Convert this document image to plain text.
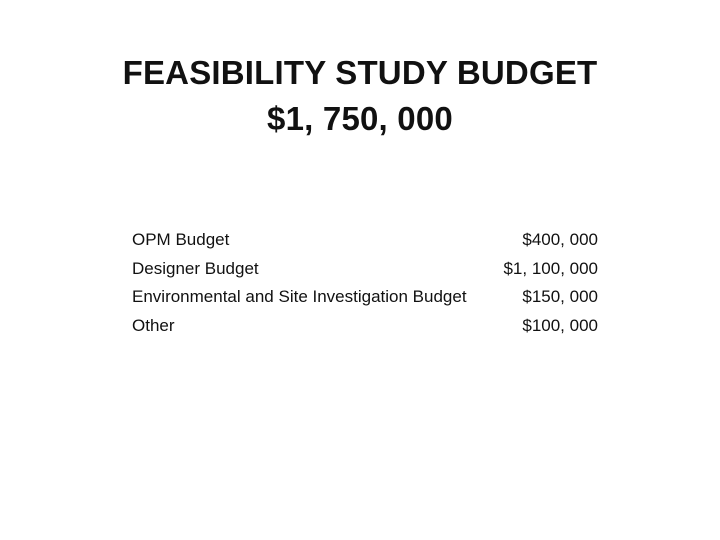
FEASIBILITY STUDY BUDGET
$1, 750, 000
OPM Budget	$400, 000
Designer Budget	$1, 100, 000
Environmental and Site Investigation Budget	$150, 000
Other	$100, 000
